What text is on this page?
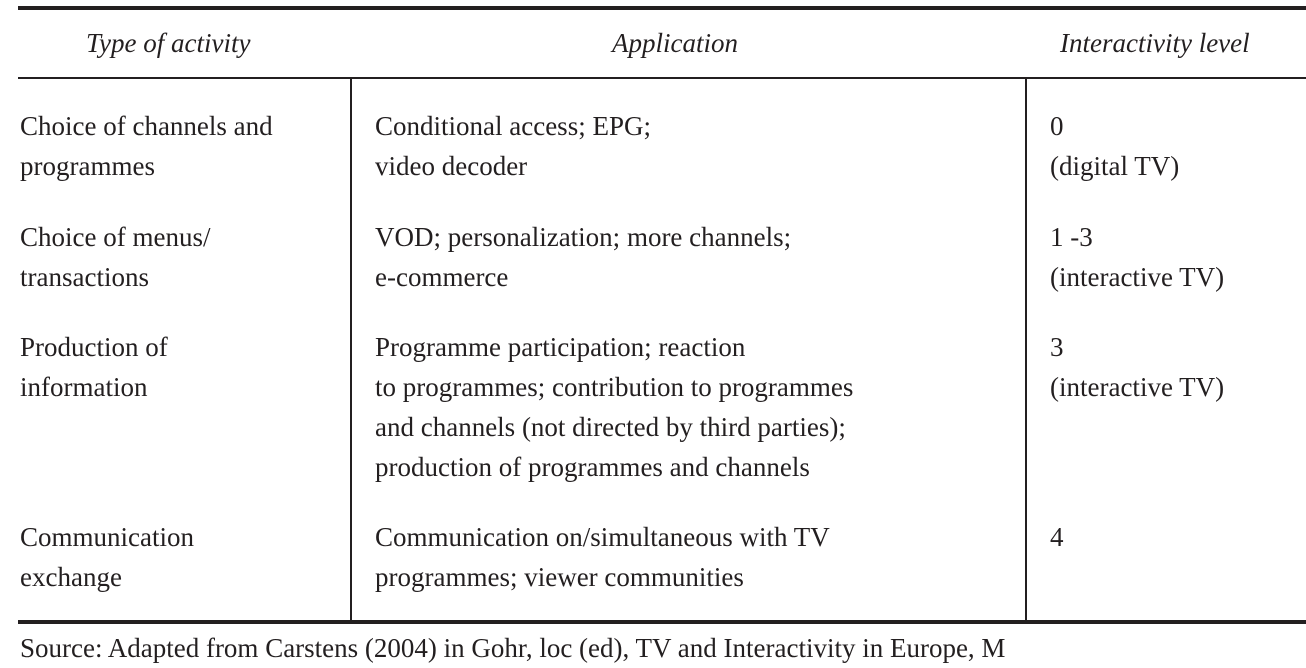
Type of activity	Application	Interactivity level
Choice of channels and
programmes
Conditional access; EPG;
video decoder
0
(digital TV)
Choice of menus/
transactions
VOD; personalization; more channels;
e-commerce
1 -3
(interactive TV)
Production of
information
Programme participation; reaction
to programmes; contribution to programmes
and channels (not directed by third parties);
production of programmes and channels
3
(interactive TV)
Communication
exchange
Communication on/simultaneous with TV
programmes; viewer communities
4
Source: Adapted from Carstens (2004) in Gohr, loc (ed), TV and Interactivity in Europe, M
